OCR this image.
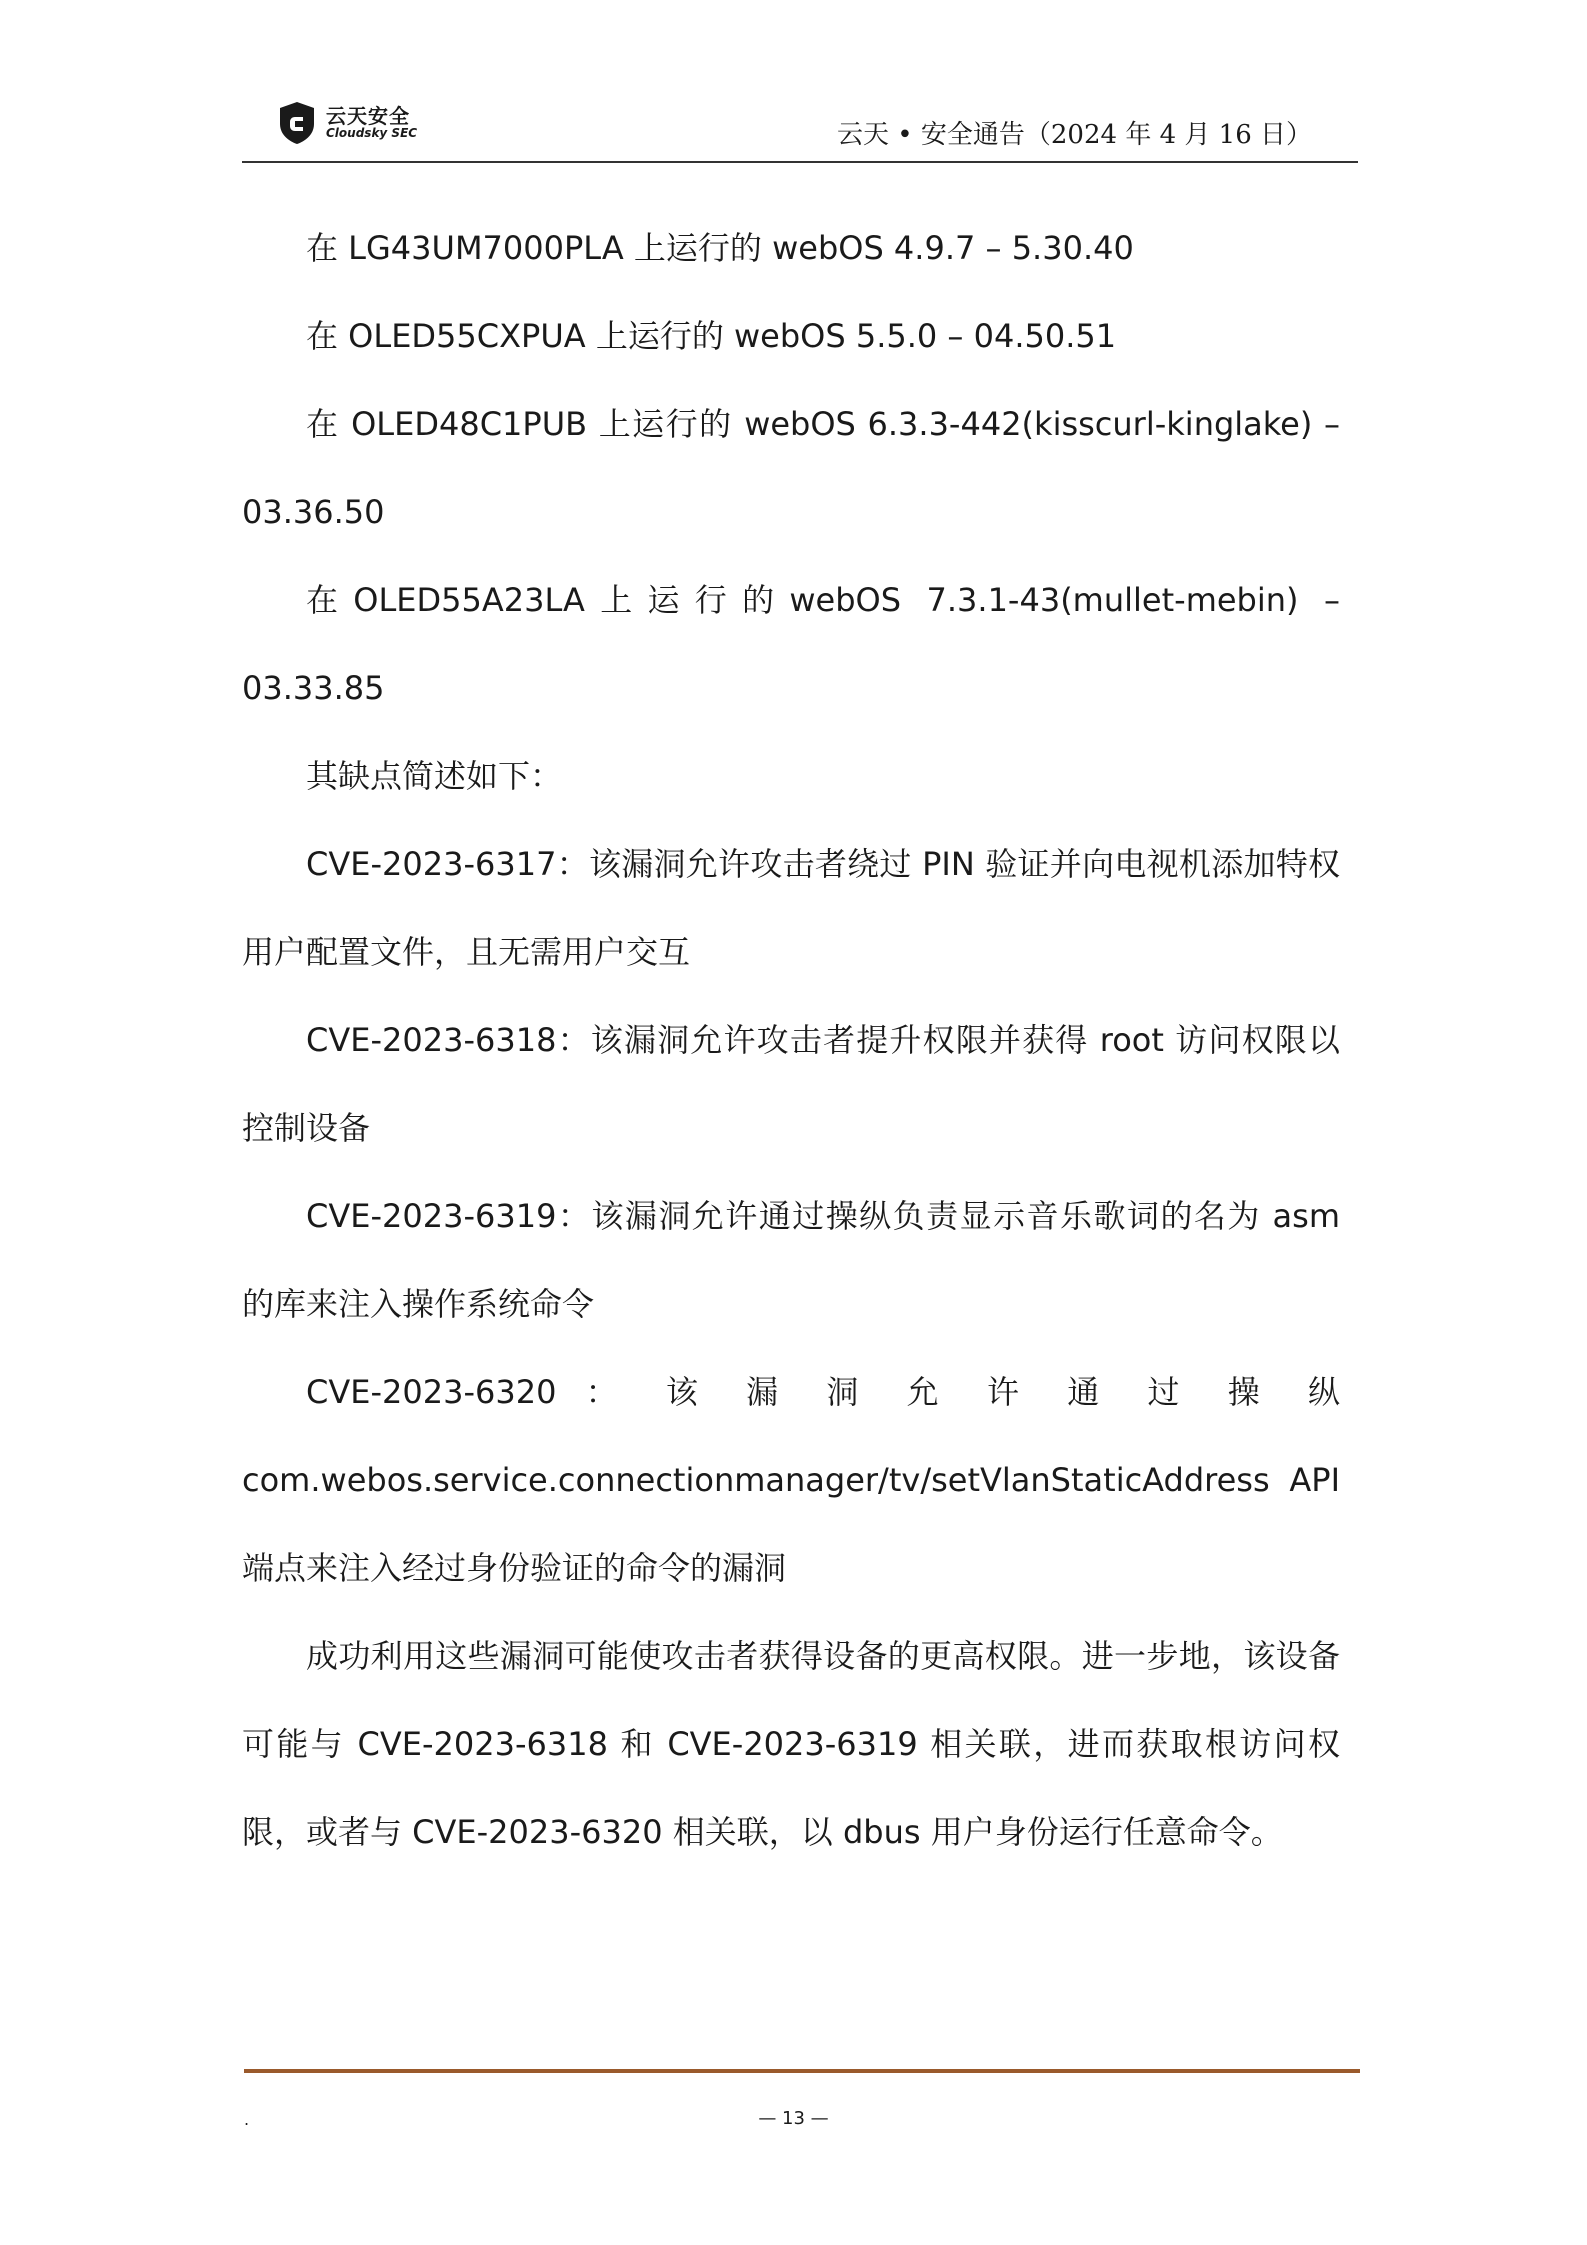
云天安全
Cloudsky SEC	云天 • 安全通告（2024 年 4 月 16 日）

在 LG43UM7000PLA 上运行的 webOS 4.9.7 – 5.30.40

在 OLED55CXPUA 上运行的 webOS 5.5.0 – 04.50.51

在 OLED48C1PUB 上运行的 webOS 6.3.3-442(kisscurl-kinglake) – 03.36.50

在OLED55A23LA上运行的webOS 7.3.1-43(mullet-mebin) – 03.33.85

其缺点简述如下：

CVE-2023-6317：该漏洞允许攻击者绕过 PIN 验证并向电视机添加特权用户配置文件，且无需用户交互

CVE-2023-6318：该漏洞允许攻击者提升权限并获得 root 访问权限以控制设备

CVE-2023-6319：该漏洞允许通过操纵负责显示音乐歌词的名为 asm 的库来注入操作系统命令

CVE-2023-6320 ： 该 漏 洞 允 许 通 过 操 纵 com.webos.service.connectionmanager/tv/setVlanStaticAddress API 端点来注入经过身份验证的命令的漏洞

成功利用这些漏洞可能使攻击者获得设备的更高权限。进一步地，该设备可能与 CVE-2023-6318 和 CVE-2023-6319 相关联，进而获取根访问权限，或者与 CVE-2023-6320 相关联，以 dbus 用户身份运行任意命令。

.	— 13 —
